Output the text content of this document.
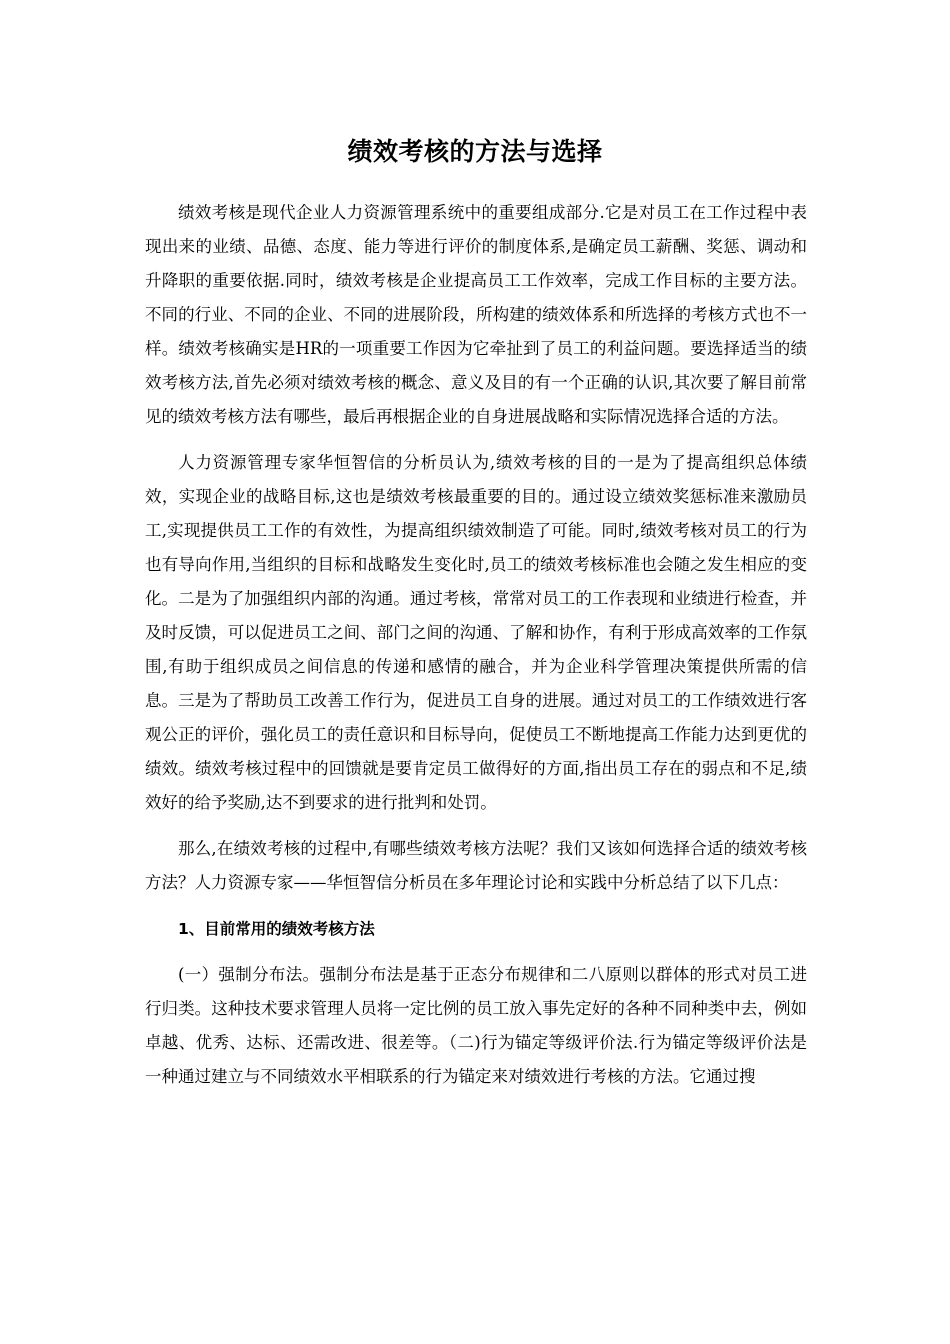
绩效考核的方法与选择

绩效考核是现代企业人力资源管理系统中的重要组成部分.它是对员工在工作过程中表现出来的业绩、品德、态度、能力等进行评价的制度体系,是确定员工薪酬、奖惩、调动和升降职的重要依据.同时，绩效考核是企业提高员工工作效率，完成工作目标的主要方法。不同的行业、不同的企业、不同的进展阶段，所构建的绩效体系和所选择的考核方式也不一样。绩效考核确实是HR的一项重要工作因为它牵扯到了员工的利益问题。要选择适当的绩效考核方法,首先必须对绩效考核的概念、意义及目的有一个正确的认识,其次要了解目前常见的绩效考核方法有哪些，最后再根据企业的自身进展战略和实际情况选择合适的方法。

人力资源管理专家华恒智信的分析员认为,绩效考核的目的一是为了提高组织总体绩效，实现企业的战略目标,这也是绩效考核最重要的目的。通过设立绩效奖惩标准来激励员工,实现提供员工工作的有效性，为提高组织绩效制造了可能。同时,绩效考核对员工的行为也有导向作用,当组织的目标和战略发生变化时,员工的绩效考核标准也会随之发生相应的变化。二是为了加强组织内部的沟通。通过考核，常常对员工的工作表现和业绩进行检查，并及时反馈，可以促进员工之间、部门之间的沟通、了解和协作，有利于形成高效率的工作氛围,有助于组织成员之间信息的传递和感情的融合，并为企业科学管理决策提供所需的信息。三是为了帮助员工改善工作行为，促进员工自身的进展。通过对员工的工作绩效进行客观公正的评价，强化员工的责任意识和目标导向，促使员工不断地提高工作能力达到更优的绩效。绩效考核过程中的回馈就是要肯定员工做得好的方面,指出员工存在的弱点和不足,绩效好的给予奖励,达不到要求的进行批判和处罚。

那么,在绩效考核的过程中,有哪些绩效考核方法呢？我们又该如何选择合适的绩效考核方法？人力资源专家——华恒智信分析员在多年理论讨论和实践中分析总结了以下几点：

1、目前常用的绩效考核方法

(一）强制分布法。强制分布法是基于正态分布规律和二八原则以群体的形式对员工进行归类。这种技术要求管理人员将一定比例的员工放入事先定好的各种不同种类中去，例如卓越、优秀、达标、还需改进、很差等。（二)行为锚定等级评价法.行为锚定等级评价法是一种通过建立与不同绩效水平相联系的行为锚定来对绩效进行考核的方法。它通过搜
